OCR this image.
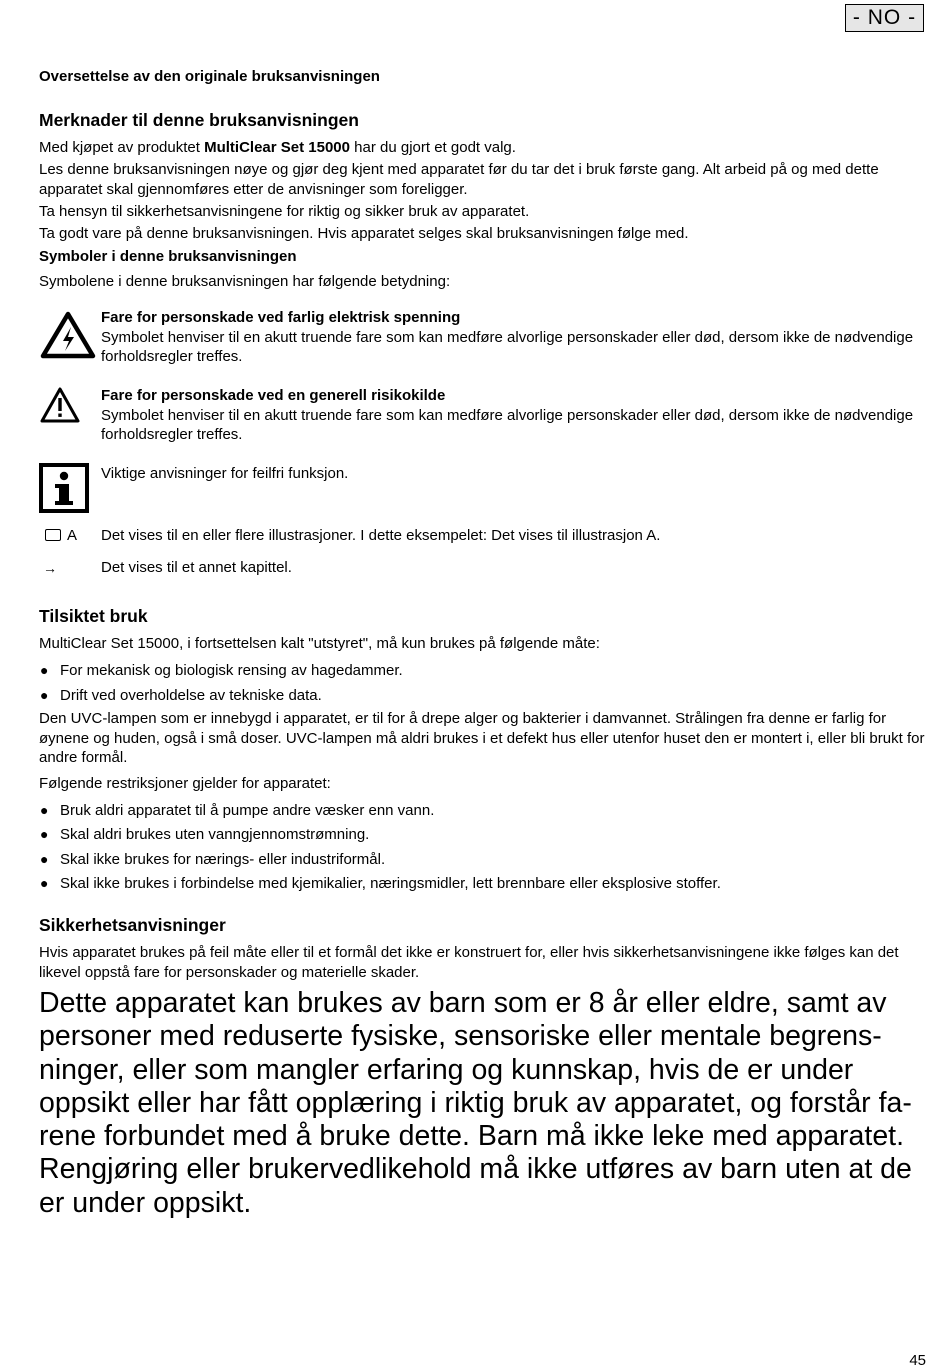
- NO -
Oversettelse av den originale bruksanvisningen
Merknader til denne bruksanvisningen
Med kjøpet av produktet MultiClear Set 15000 har du gjort et godt valg.
Les denne bruksanvisningen nøye og gjør deg kjent med apparatet før du tar det i bruk første gang. Alt arbeid på og med dette apparatet skal gjennomføres etter de anvisninger som foreligger.
Ta hensyn til sikkerhetsanvisningene for riktig og sikker bruk av apparatet.
Ta godt vare på denne bruksanvisningen. Hvis apparatet selges skal bruksanvisningen følge med.
Symboler i denne bruksanvisningen
Symbolene i denne bruksanvisningen har følgende betydning:
Fare for personskade ved farlig elektrisk spenning
Symbolet henviser til en akutt truende fare som kan medføre alvorlige personskader eller død, dersom ikke de nødvendige forholdsregler treffes.
Fare for personskade ved en generell risikokilde
Symbolet henviser til en akutt truende fare som kan medføre alvorlige personskader eller død, dersom ikke de nødvendige forholdsregler treffes.
Viktige anvisninger for feilfri funksjon.
A Det vises til en eller flere illustrasjoner. I dette eksempelet: Det vises til illustrasjon A.
→	Det vises til et annet kapittel.
Tilsiktet bruk
MultiClear Set 15000, i fortsettelsen kalt "utstyret", må kun brukes på følgende måte:
● For mekanisk og biologisk rensing av hagedammer.
● Drift ved overholdelse av tekniske data.
Den UVC-lampen som er innebygd i apparatet, er til for å drepe alger og bakterier i damvannet. Strålingen fra denne er farlig for øynene og huden, også i små doser. UVC-lampen må aldri brukes i et defekt hus eller utenfor huset den er montert i, eller bli brukt for andre formål.
Følgende restriksjoner gjelder for apparatet:
● Bruk aldri apparatet til å pumpe andre væsker enn vann.
● Skal aldri brukes uten vanngjennomstrømning.
● Skal ikke brukes for nærings- eller industriformål.
● Skal ikke brukes i forbindelse med kjemikalier, næringsmidler, lett brennbare eller eksplosive stoffer.
Sikkerhetsanvisninger
Hvis apparatet brukes på feil måte eller til et formål det ikke er konstruert for, eller hvis sikkerhetsanvisningene ikke følges kan det likevel oppstå fare for personskader og materielle skader.
Dette apparatet kan brukes av barn som er 8 år eller eldre, samt av
personer med reduserte fysiske, sensoriske eller mentale begrens-
ninger, eller som mangler erfaring og kunnskap, hvis de er under
oppsikt eller har fått opplæring i riktig bruk av apparatet, og forstår fa-
rene forbundet med å bruke dette. Barn må ikke leke med apparatet.
Rengjøring eller brukervedlikehold må ikke utføres av barn uten at de
er under oppsikt.
45
